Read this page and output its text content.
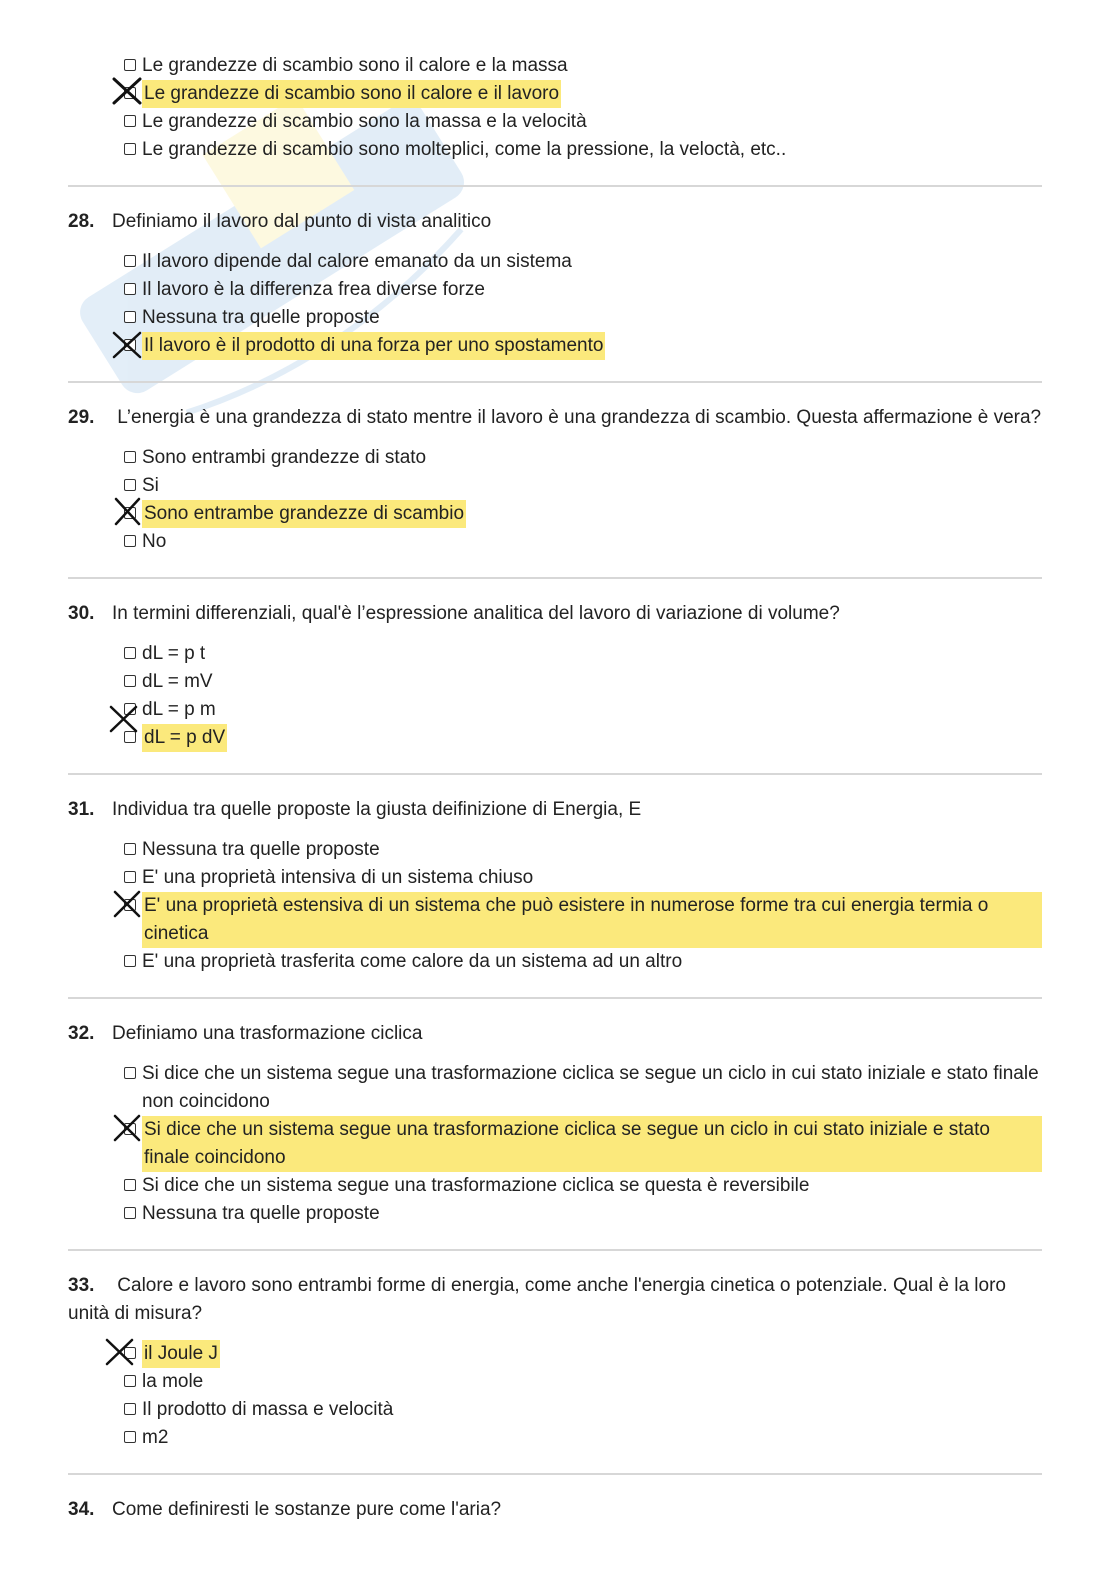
Le grandezze di scambio sono il calore e la massa
Le grandezze di scambio sono il calore e il lavoro
Le grandezze di scambio sono la massa e la velocità
Le grandezze di scambio sono molteplici, come la pressione, la veloctà, etc..
28. Definiamo il lavoro dal punto di vista analitico
Il lavoro dipende dal calore emanato da un sistema
Il lavoro è la differenza frea diverse forze
Nessuna tra quelle proposte
Il lavoro è il prodotto di una forza per uno spostamento
29. L’energia è una grandezza di stato mentre il lavoro è una grandezza di scambio. Questa affermazione è vera?
Sono entrambi grandezze di stato
Si
Sono entrambe grandezze di scambio
No
30. In termini differenziali, qual'è l’espressione analitica del lavoro di variazione di volume?
dL = p t
dL = mV
dL = p m
dL = p dV
31. Individua tra quelle proposte la giusta deifinizione di Energia, E
Nessuna tra quelle proposte
E' una proprietà intensiva di un sistema chiuso
E' una proprietà estensiva di un sistema che può esistere in numerose forme tra cui energia termia o cinetica
E' una proprietà trasferita come calore da un sistema ad un altro
32. Definiamo una trasformazione ciclica
Si dice che un sistema segue una trasformazione ciclica se segue un ciclo in cui stato iniziale e stato finale non coincidono
Si dice che un sistema segue una trasformazione ciclica se segue un ciclo in cui stato iniziale e stato finale coincidono
Si dice che un sistema segue una trasformazione ciclica se questa è reversibile
Nessuna tra quelle proposte
33. Calore e lavoro sono entrambi forme di energia, come anche l'energia cinetica o potenziale. Qual è la loro unità di misura?
il Joule J
la mole
Il prodotto di massa e velocità
m2
34. Come definiresti le sostanze pure come l'aria?
